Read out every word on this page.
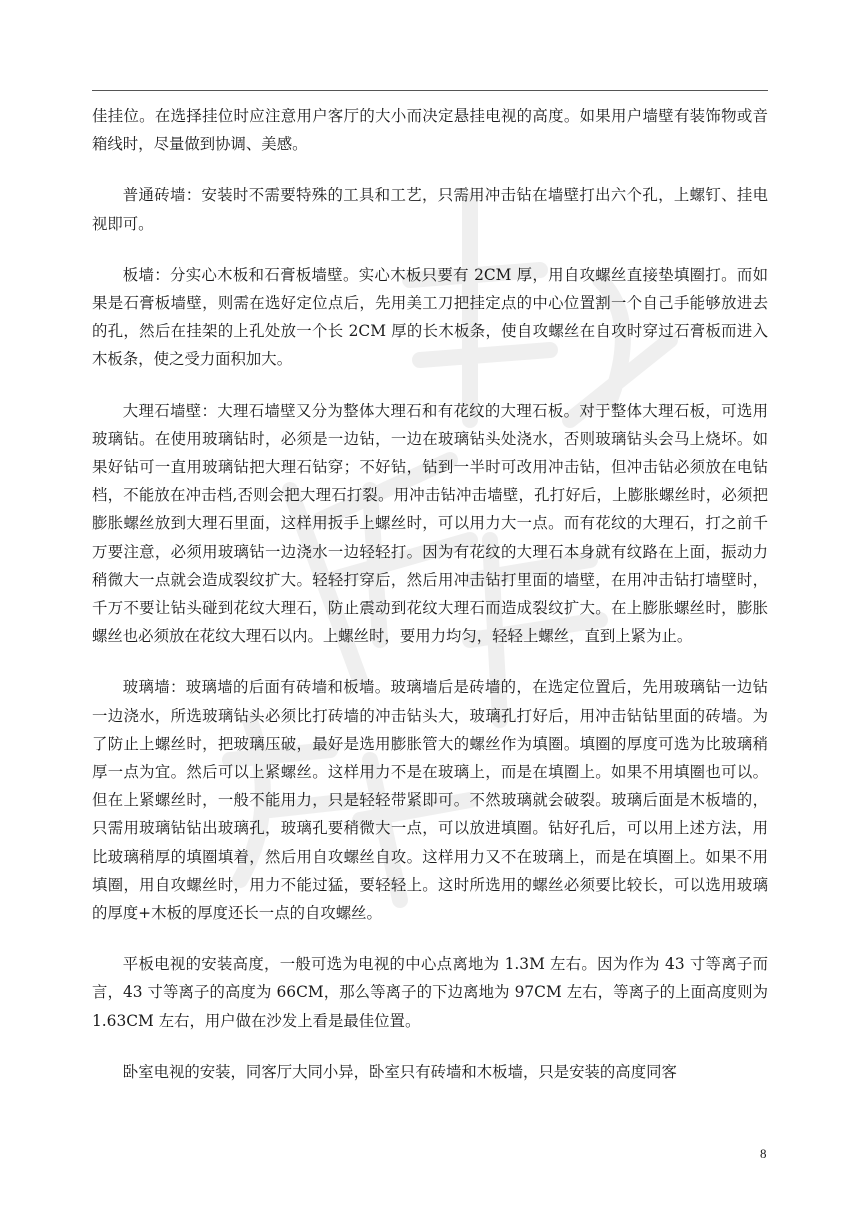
佳挂位。在选择挂位时应注意用户客厅的大小而决定悬挂电视的高度。如果用户墙壁有装饰物或音箱线时，尽量做到协调、美感。

普通砖墙：安装时不需要特殊的工具和工艺，只需用冲击钻在墙壁打出六个孔，上螺钉、挂电视即可。

板墙：分实心木板和石膏板墙壁。实心木板只要有 2CM 厚，用自攻螺丝直接垫填圈打。而如果是石膏板墙壁，则需在选好定位点后，先用美工刀把挂定点的中心位置割一个自己手能够放进去的孔，然后在挂架的上孔处放一个长 2CM 厚的长木板条，使自攻螺丝在自攻时穿过石膏板而进入木板条，使之受力面积加大。

大理石墙壁：大理石墙壁又分为整体大理石和有花纹的大理石板。对于整体大理石板，可选用玻璃钻。在使用玻璃钻时，必须是一边钻，一边在玻璃钻头处浇水，否则玻璃钻头会马上烧坏。如果好钻可一直用玻璃钻把大理石钻穿；不好钻，钻到一半时可改用冲击钻，但冲击钻必须放在电钻档，不能放在冲击档,否则会把大理石打裂。用冲击钻冲击墙壁，孔打好后，上膨胀螺丝时，必须把膨胀螺丝放到大理石里面，这样用扳手上螺丝时，可以用力大一点。而有花纹的大理石，打之前千万要注意，必须用玻璃钻一边浇水一边轻轻打。因为有花纹的大理石本身就有纹路在上面，振动力稍微大一点就会造成裂纹扩大。轻轻打穿后，然后用冲击钻打里面的墙壁，在用冲击钻打墙壁时，千万不要让钻头碰到花纹大理石，防止震动到花纹大理石而造成裂纹扩大。在上膨胀螺丝时，膨胀螺丝也必须放在花纹大理石以内。上螺丝时，要用力均匀，轻轻上螺丝，直到上紧为止。

玻璃墙：玻璃墙的后面有砖墙和板墙。玻璃墙后是砖墙的，在选定位置后，先用玻璃钻一边钻一边浇水，所选玻璃钻头必须比打砖墙的冲击钻头大，玻璃孔打好后，用冲击钻钻里面的砖墙。为了防止上螺丝时，把玻璃压破，最好是选用膨胀管大的螺丝作为填圈。填圈的厚度可选为比玻璃稍厚一点为宜。然后可以上紧螺丝。这样用力不是在玻璃上，而是在填圈上。如果不用填圈也可以。但在上紧螺丝时，一般不能用力，只是轻轻带紧即可。不然玻璃就会破裂。玻璃后面是木板墙的，只需用玻璃钻钻出玻璃孔，玻璃孔要稍微大一点，可以放进填圈。钻好孔后，可以用上述方法，用比玻璃稍厚的填圈填着，然后用自攻螺丝自攻。这样用力又不在玻璃上，而是在填圈上。如果不用填圈，用自攻螺丝时，用力不能过猛，要轻轻上。这时所选用的螺丝必须要比较长，可以选用玻璃的厚度+木板的厚度还长一点的自攻螺丝。

平板电视的安装高度，一般可选为电视的中心点离地为 1.3M 左右。因为作为 43 寸等离子而言，43 寸等离子的高度为 66CM，那么等离子的下边离地为 97CM 左右，等离子的上面高度则为 1.63CM 左右，用户做在沙发上看是最佳位置。

卧室电视的安装，同客厅大同小异，卧室只有砖墙和木板墙，只是安装的高度同客

8
